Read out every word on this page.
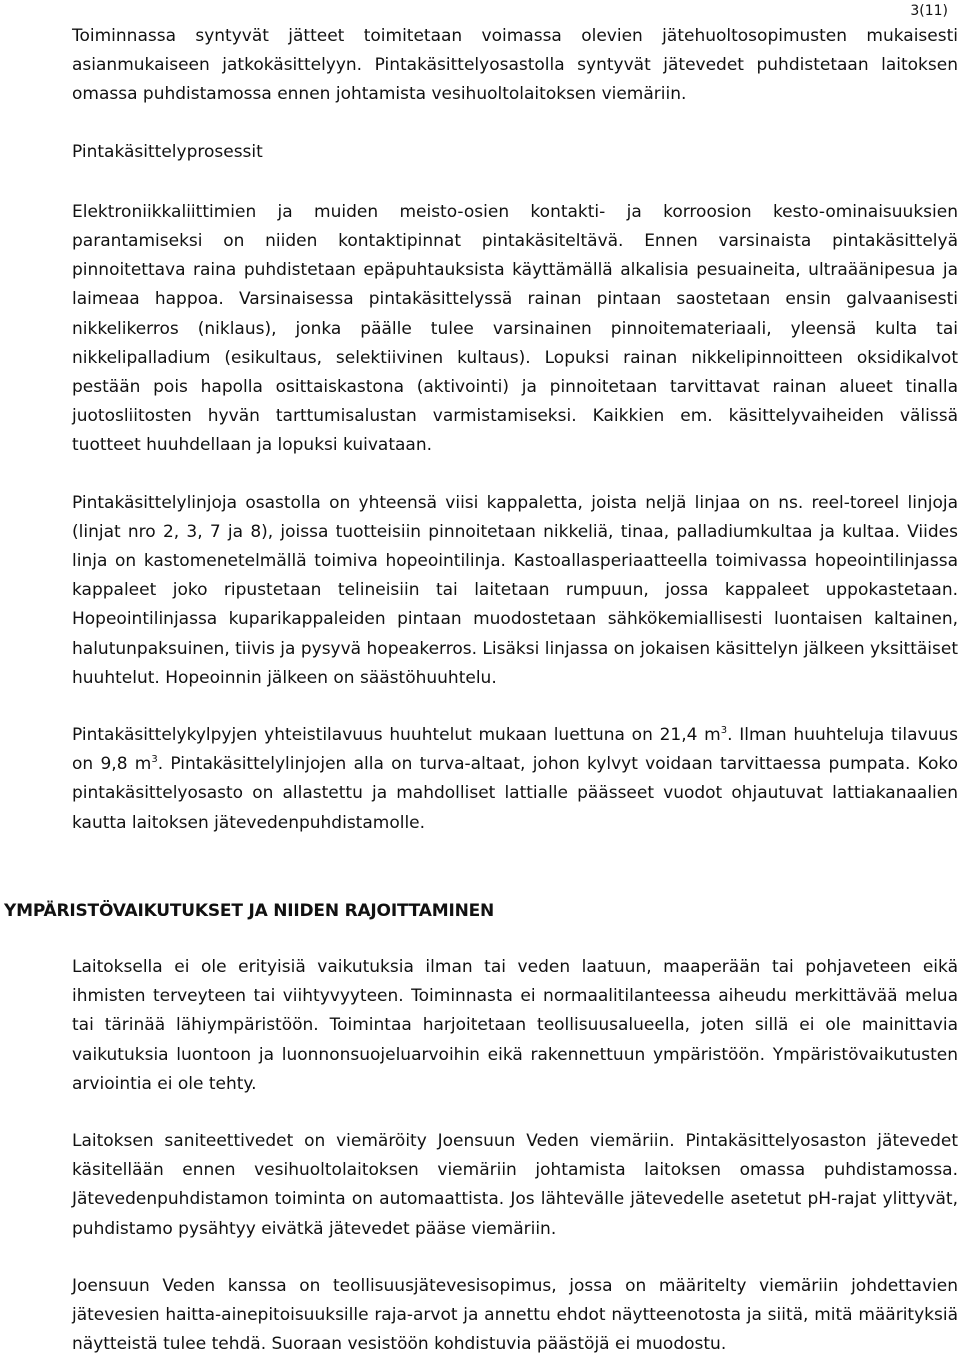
3(11)

Toiminnassa syntyvät jätteet toimitetaan voimassa olevien jätehuoltosopimusten mukaisesti asianmukaiseen jatkokäsittelyyn. Pintakäsittelyosastolla syntyvät jätevedet puhdistetaan laitoksen omassa puhdistamossa ennen johtamista vesihuoltolaitoksen viemäriin.

Pintakäsittelyprosessit

Elektroniikkaliittimien ja muiden meisto-osien kontakti- ja korroosion kesto-ominaisuuksien parantamiseksi on niiden kontaktipinnat pintakäsiteltävä. Ennen varsinaista pintakäsittelyä pinnoitettava raina puhdistetaan epäpuhtauksista käyttämällä alkalisia pesuaineita, ultraäänipesua ja laimeaa happoa. Varsinaisessa pintakäsittelyssä rainan pintaan saostetaan ensin galvaanisesti nikkelikerros (niklaus), jonka päälle tulee varsinainen pinnoitemateriaali, yleensä kulta tai nikkelipalladium (esikultaus, selektiivinen kultaus). Lopuksi rainan nikkelipinnoitteen oksidikalvot pestään pois hapolla osittaiskastona (aktivointi) ja pinnoitetaan tarvittavat rainan alueet tinalla juotosliitosten hyvän tarttumisalustan varmistamiseksi. Kaikkien em. käsittelyvaiheiden välissä tuotteet huuhdellaan ja lopuksi kuivataan.

Pintakäsittelylinjoja osastolla on yhteensä viisi kappaletta, joista neljä linjaa on ns. reel-toreel linjoja (linjat nro 2, 3, 7 ja 8), joissa tuotteisiin pinnoitetaan nikkeliä, tinaa, palladiumkultaa ja kultaa. Viides linja on kastomenetelmällä toimiva hopeointilinja. Kastoallasperiaatteella toimivassa hopeointilinjassa kappaleet joko ripustetaan telineisiin tai laitetaan rumpuun, jossa kappaleet uppokastetaan. Hopeointilinjassa kuparikappaleiden pintaan muodostetaan sähkökemiallisesti luontaisen kaltainen, halutunpaksuinen, tiivis ja pysyvä hopeakerros. Lisäksi linjassa on jokaisen käsittelyn jälkeen yksittäiset huuhtelut. Hopeoinnin jälkeen on säästöhuuhtelu.

Pintakäsittelykylpyjen yhteistilavuus huuhtelut mukaan luettuna on 21,4 $m^3$. Ilman huuhteluja tilavuus on 9,8 $m^3$. Pintakäsittelylinjojen alla on turva-altaat, johon kylvyt voidaan tarvittaessa pumpata. Koko pintakäsittelyosasto on allastettu ja mahdolliset lattialle päässeet vuodot ohjautuvat lattiakanaalien kautta laitoksen jätevedenpuhdistamolle.

YMPÄRISTÖVAIKUTUKSET JA NIIDEN RAJOITTAMINEN

Laitoksella ei ole erityisiä vaikutuksia ilman tai veden laatuun, maaperään tai pohjaveteen eikä ihmisten terveyteen tai viihtyvyyteen. Toiminnasta ei normaalitilanteessa aiheudu merkittävää melua tai tärinää lähiympäristöön. Toimintaa harjoitetaan teollisuusalueella, joten sillä ei ole mainittavia vaikutuksia luontoon ja luonnonsuojeluarvoihin eikä rakennettuun ympäristöön. Ympäristövaikutusten arviointia ei ole tehty.

Laitoksen saniteettivedet on viemäröity Joensuun Veden viemäriin. Pintakäsittelyosaston jätevedet käsitellään ennen vesihuoltolaitoksen viemäriin johtamista laitoksen omassa puhdistamossa. Jätevedenpuhdistamon toiminta on automaattista. Jos lähtevälle jätevedelle asetetut pH-rajat ylittyvät, puhdistamo pysähtyy eivätkä jätevedet pääse viemäriin.

Joensuun Veden kanssa on teollisuusjätevesisopimus, jossa on määritelty viemäriin johdettavien jätevesien haitta-ainepitoisuuksille raja-arvot ja annettu ehdot näytteenotosta ja siitä, mitä määrityksiä näytteistä tulee tehdä. Suoraan vesistöön kohdistuvia päästöjä ei muodostu.
